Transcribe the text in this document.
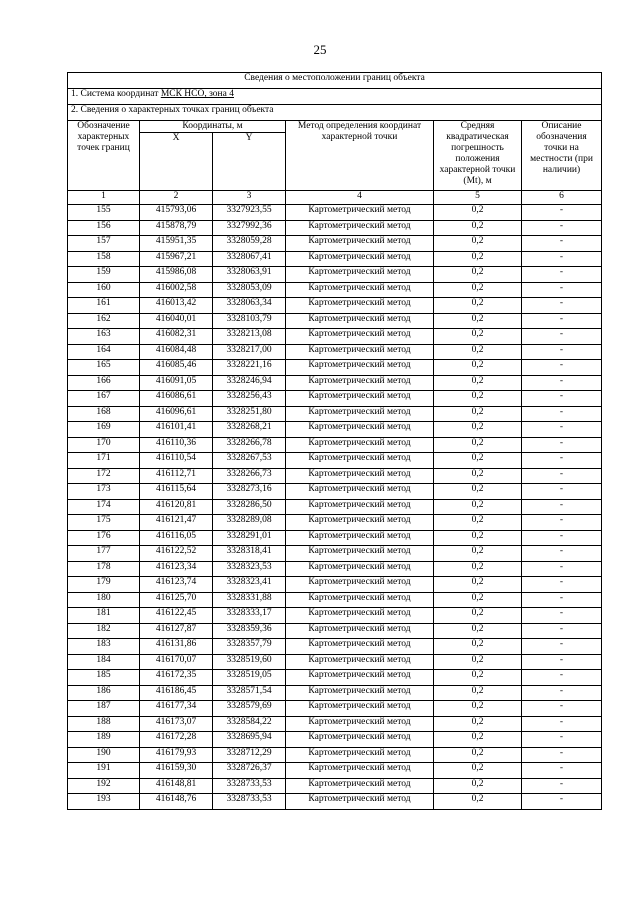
25
Сведения о местоположении границ объекта					
1. Система координат МСК НСО, зона 4					
2. Сведения о характерных точках границ объекта					
Обозначение характерных точек границ	Координаты, м		Метод определения координат характерной точки	Средняя квадратическая погрешность положения характерной точки (Mt), м	Описание обозначения точки на местности (при наличии)
	X	Y			
1	2	3	4	5	6
155	415793,06	3327923,55	Картометрический метод	0,2	-
156	415878,79	3327992,36	Картометрический метод	0,2	-
157	415951,35	3328059,28	Картометрический метод	0,2	-
158	415967,21	3328067,41	Картометрический метод	0,2	-
159	415986,08	3328063,91	Картометрический метод	0,2	-
160	416002,58	3328053,09	Картометрический метод	0,2	-
161	416013,42	3328063,34	Картометрический метод	0,2	-
162	416040,01	3328103,79	Картометрический метод	0,2	-
163	416082,31	3328213,08	Картометрический метод	0,2	-
164	416084,48	3328217,00	Картометрический метод	0,2	-
165	416085,46	3328221,16	Картометрический метод	0,2	-
166	416091,05	3328246,94	Картометрический метод	0,2	-
167	416086,61	3328256,43	Картометрический метод	0,2	-
168	416096,61	3328251,80	Картометрический метод	0,2	-
169	416101,41	3328268,21	Картометрический метод	0,2	-
170	416110,36	3328266,78	Картометрический метод	0,2	-
171	416110,54	3328267,53	Картометрический метод	0,2	-
172	416112,71	3328266,73	Картометрический метод	0,2	-
173	416115,64	3328273,16	Картометрический метод	0,2	-
174	416120,81	3328286,50	Картометрический метод	0,2	-
175	416121,47	3328289,08	Картометрический метод	0,2	-
176	416116,05	3328291,01	Картометрический метод	0,2	-
177	416122,52	3328318,41	Картометрический метод	0,2	-
178	416123,34	3328323,53	Картометрический метод	0,2	-
179	416123,74	3328323,41	Картометрический метод	0,2	-
180	416125,70	3328331,88	Картометрический метод	0,2	-
181	416122,45	3328333,17	Картометрический метод	0,2	-
182	416127,87	3328359,36	Картометрический метод	0,2	-
183	416131,86	3328357,79	Картометрический метод	0,2	-
184	416170,07	3328519,60	Картометрический метод	0,2	-
185	416172,35	3328519,05	Картометрический метод	0,2	-
186	416186,45	3328571,54	Картометрический метод	0,2	-
187	416177,34	3328579,69	Картометрический метод	0,2	-
188	416173,07	3328584,22	Картометрический метод	0,2	-
189	416172,28	3328695,94	Картометрический метод	0,2	-
190	416179,93	3328712,29	Картометрический метод	0,2	-
191	416159,30	3328726,37	Картометрический метод	0,2	-
192	416148,81	3328733,53	Картометрический метод	0,2	-
193	416148,76	3328733,53	Картометрический метод	0,2	-
